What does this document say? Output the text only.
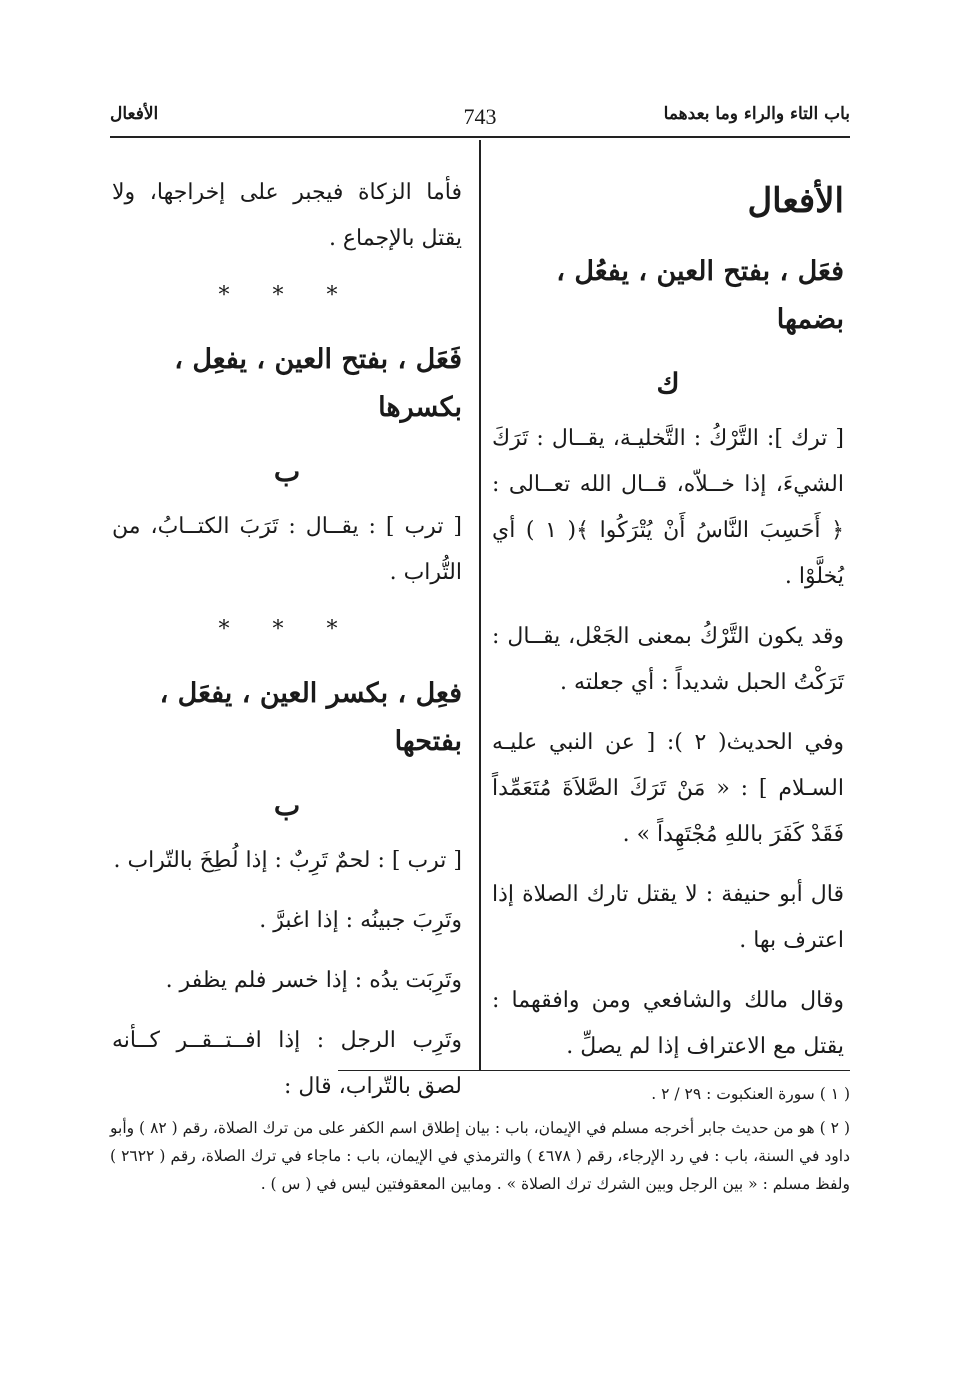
باب التاء والراء وما بعدهما
743
الأفعال
الأفعال
فعَل ، بفتح العين ، يفعُل ، بضمها
ك

[ ترك ]: التَّرْكُ : التَّخليـة، يقــال : تَرَكَ الشيءَ، إذا خــلاّه، قــال الله تعــالى : ﴿ أَحَسِبَ النَّاسُ أَنْ يُتْرَكُوا ﴾( ١ ) أي يُخلَّوْا .

وقد يكون التَّرْكُ بمعنى الجَعْل، يقــال : تَرَكْتُ الحبل شديداً : أي جعلته .

وفي الحديث( ٢ ): [ عن النبي عليـه السـلام ] : « مَنْ تَرَكَ الصَّلاَةَ مُتَعَمِّداً فَقَدْ كَفَرَ باللهِ مُجْتَهِداً » .

قال أبو حنيفة : لا يقتل تارك الصلاة إذا اعترف بها .

وقال مالك والشافعي ومن وافقهما : يقتل مع الاعتراف إذا لم يصلِّ .

فأما الزكاة فيجبر على إخراجها، ولا يقتل بالإجماع .

* * *
فَعَل ، بفتح العين ، يفعِل ، بكسرها
ب

[ ترب ] : يقــال : تَرَبَ الكتــابُ، من التُّراب .

* * *
فعِل ، بكسر العين ، يفعَل ، بفتحها
ب

[ ترب ] : لحمٌ تَرِبٌ : إذا لُطِخَ بالتّراب .

وتَرِبَ جبينُه : إذا اغبرَّ .

وتَرِبَت يدُه : إذا خسر فلم يظفر .

وتَرِب الرجل : إذا افــتــقــر كــأنه لصق بالتّراب، قال :	( ١ ) سورة العنكبوت : ٢٩ / ٢ .

( ٢ ) هو من حديث جابر أخرجه مسلم في الإيمان، باب : بيان إطلاق اسم الكفر على من ترك الصلاة، رقم ( ٨٢ ) وأبو داود في السنة، باب : في رد الإرجاء، رقم ( ٤٦٧٨ ) والترمذي في الإيمان، باب : ماجاء في ترك الصلاة، رقم ( ٢٦٢٢ ) ولفظ مسلم : « بين الرجل وبين الشرك ترك الصلاة » . ومابين المعقوفتين ليس في ( س ) .
